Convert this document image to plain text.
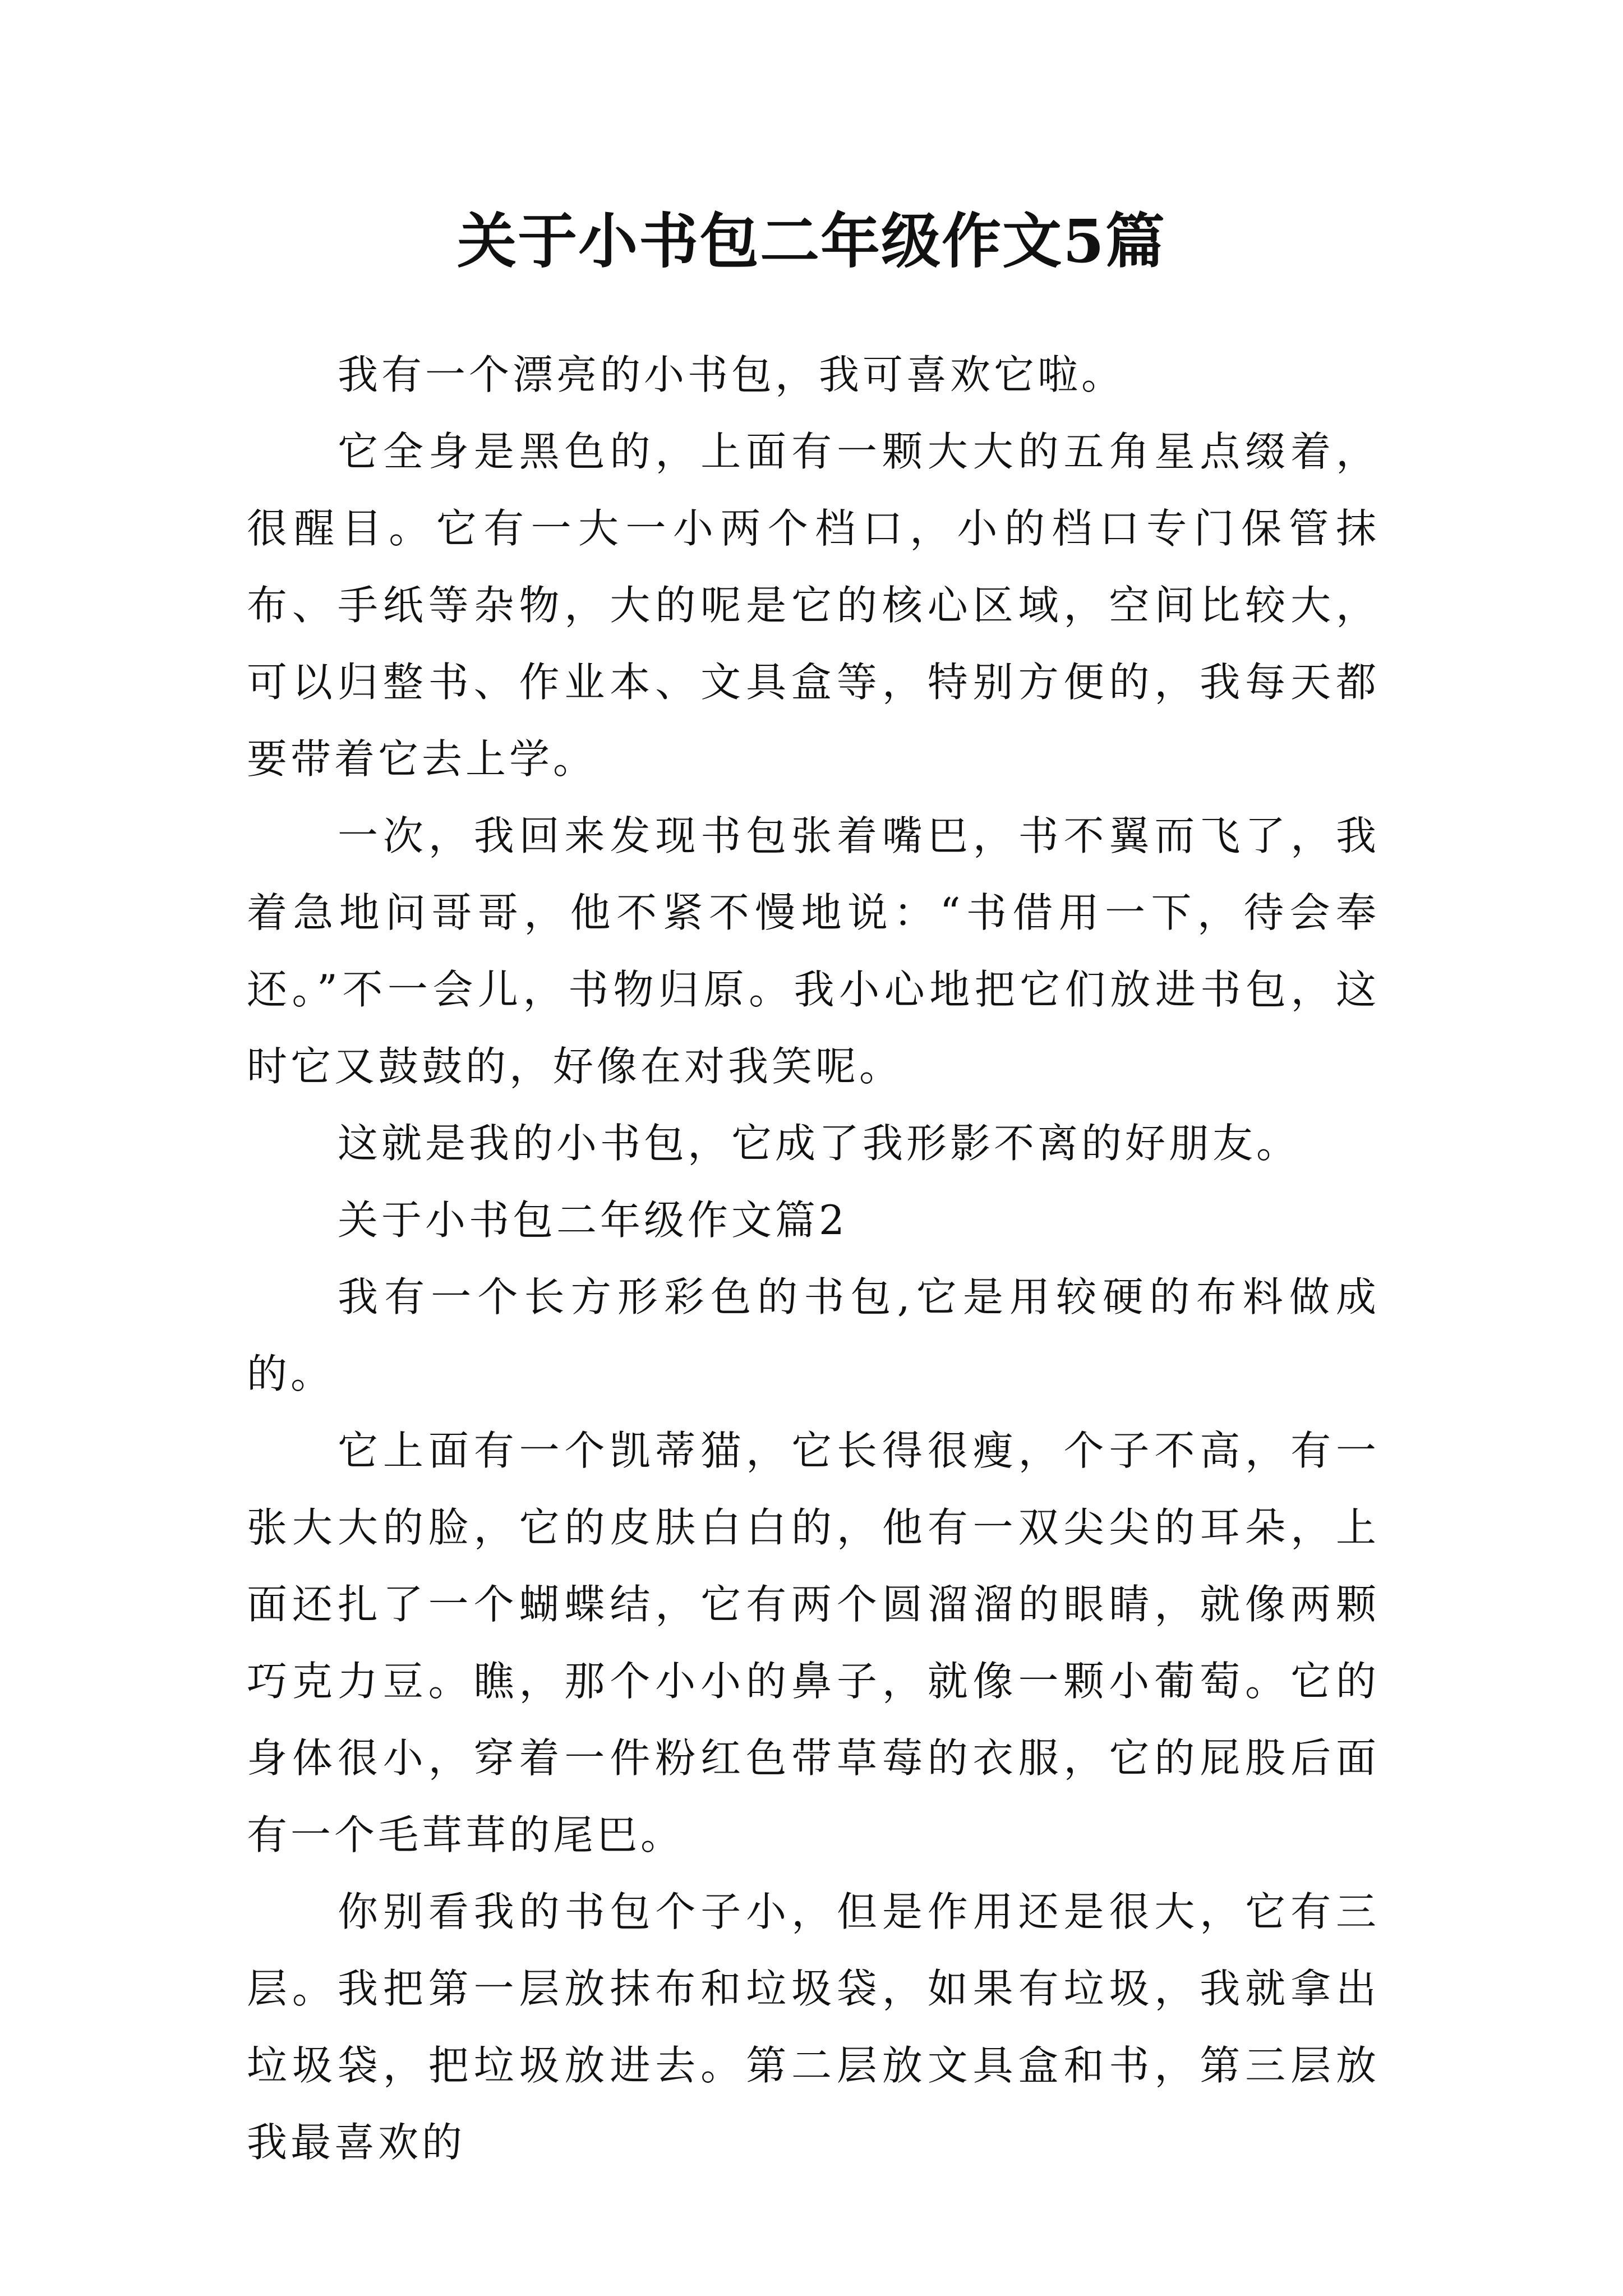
关于小书包二年级作文5篇

我有一个漂亮的小书包，我可喜欢它啦。

它全身是黑色的，上面有一颗大大的五角星点缀着，很醒目。它有一大一小两个档口，小的档口专门保管抹布、手纸等杂物，大的呢是它的核心区域，空间比较大，可以归整书、作业本、文具盒等，特别方便的，我每天都要带着它去上学。

一次，我回来发现书包张着嘴巴，书不翼而飞了，我着急地问哥哥，他不紧不慢地说：“书借用一下，待会奉还。”不一会儿，书物归原。我小心地把它们放进书包，这时它又鼓鼓的，好像在对我笑呢。

这就是我的小书包，它成了我形影不离的好朋友。

关于小书包二年级作文篇2

我有一个长方形彩色的书包,它是用较硬的布料做成的。

它上面有一个凯蒂猫，它长得很瘦，个子不高，有一张大大的脸，它的皮肤白白的，他有一双尖尖的耳朵，上面还扎了一个蝴蝶结，它有两个圆溜溜的眼睛，就像两颗巧克力豆。瞧，那个小小的鼻子，就像一颗小葡萄。它的身体很小，穿着一件粉红色带草莓的衣服，它的屁股后面有一个毛茸茸的尾巴。

你别看我的书包个子小，但是作用还是很大，它有三层。我把第一层放抹布和垃圾袋，如果有垃圾，我就拿出垃圾袋，把垃圾放进去。第二层放文具盒和书，第三层放我最喜欢的
